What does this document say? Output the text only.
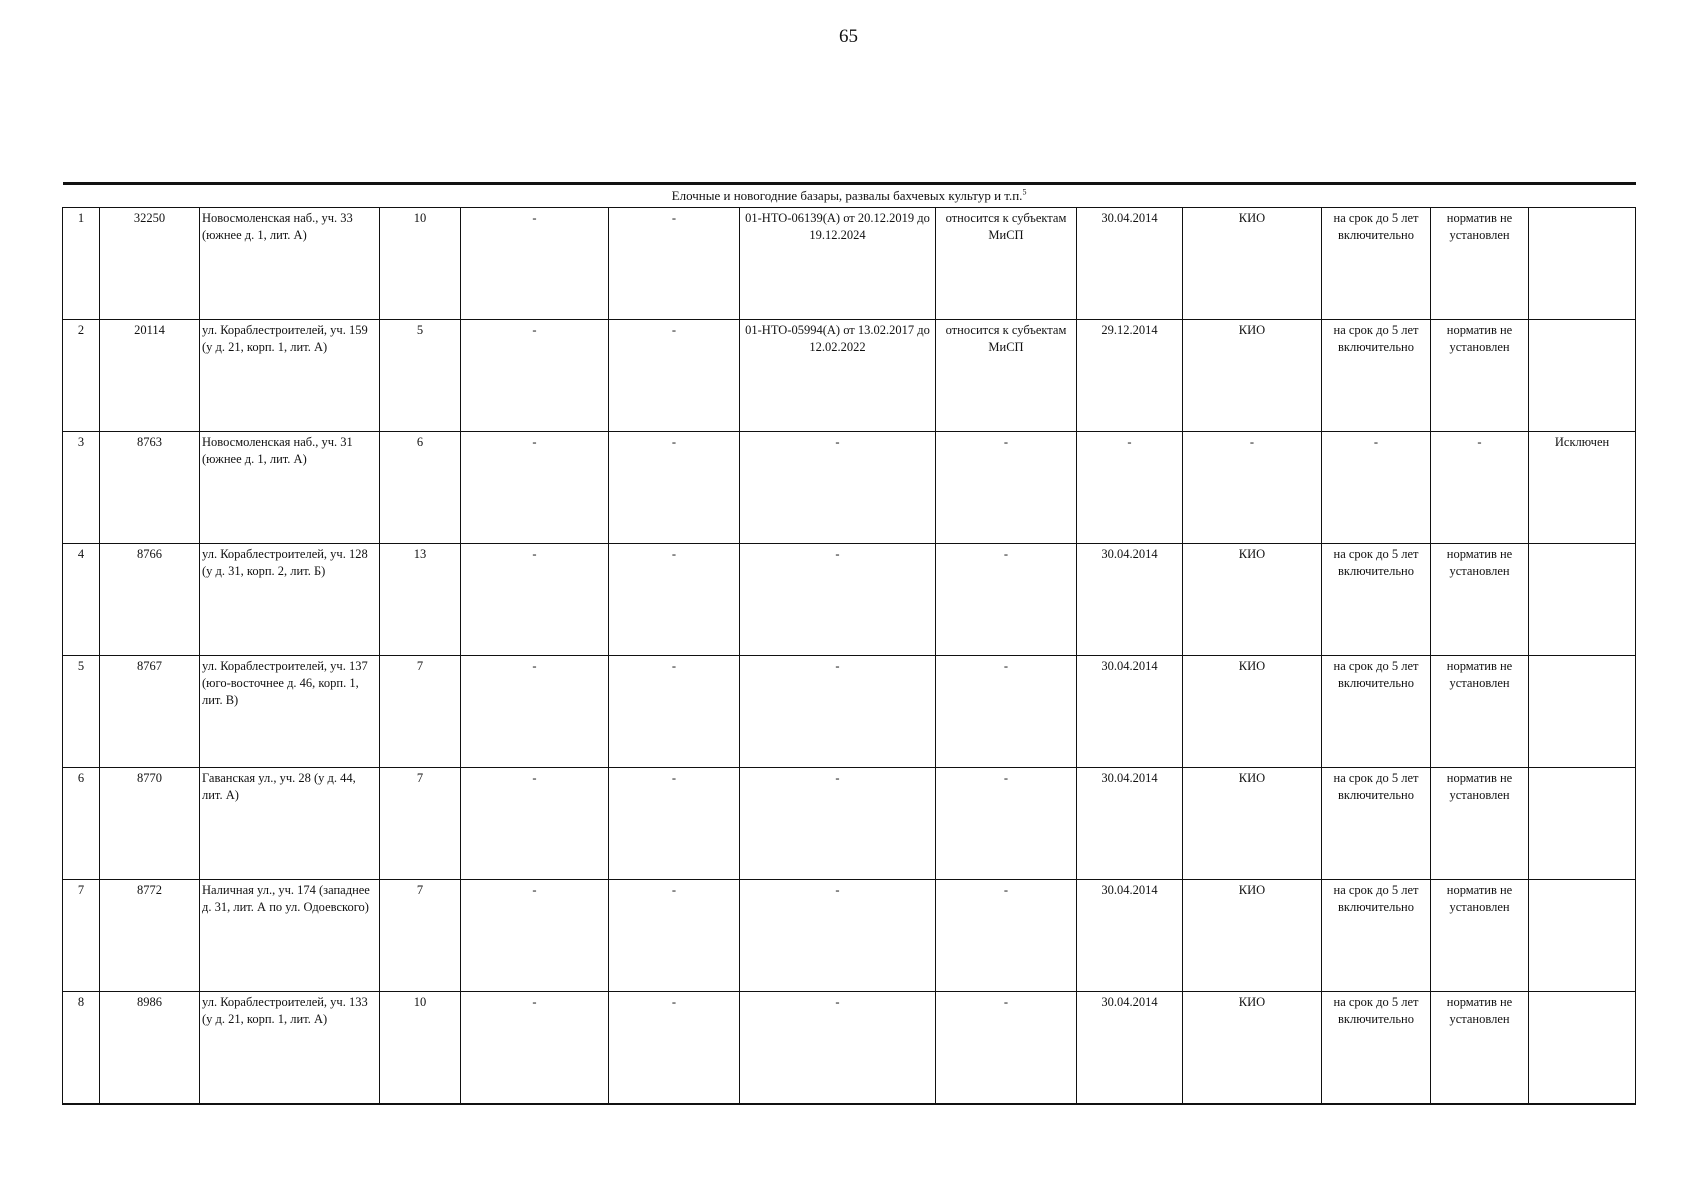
65
Елочные и новогодние базары, развалы бахчевых культур и т.п.$^5$
1	32250	Новосмоленская наб., уч. 33 (южнее д. 1, лит. А)	10	-	-	01-НТО-06139(А) от 20.12.2019 до 19.12.2024	относится к субъектам МиСП	30.04.2014	КИО	на срок до 5 лет включительно	норматив не установлен	
2	20114	ул. Кораблестроителей, уч. 159 (у д. 21, корп. 1, лит. А)	5	-	-	01-НТО-05994(А) от 13.02.2017 до 12.02.2022	относится к субъектам МиСП	29.12.2014	КИО	на срок до 5 лет включительно	норматив не установлен	
3	8763	Новосмоленская наб., уч. 31 (южнее д. 1, лит. А)	6	-	-	-	-	-	-	-	-	Исключен
4	8766	ул. Кораблестроителей, уч. 128 (у д. 31, корп. 2, лит. Б)	13	-	-	-	-	30.04.2014	КИО	на срок до 5 лет включительно	норматив не установлен	
5	8767	ул. Кораблестроителей, уч. 137 (юго-восточнее д. 46, корп. 1, лит. В)	7	-	-	-	-	30.04.2014	КИО	на срок до 5 лет включительно	норматив не установлен	
6	8770	Гаванская ул., уч. 28 (у д. 44, лит. А)	7	-	-	-	-	30.04.2014	КИО	на срок до 5 лет включительно	норматив не установлен	
7	8772	Наличная ул., уч. 174 (западнее д. 31, лит. А по ул. Одоевского)	7	-	-	-	-	30.04.2014	КИО	на срок до 5 лет включительно	норматив не установлен	
8	8986	ул. Кораблестроителей, уч. 133 (у д. 21, корп. 1, лит. А)	10	-	-	-	-	30.04.2014	КИО	на срок до 5 лет включительно	норматив не установлен	
